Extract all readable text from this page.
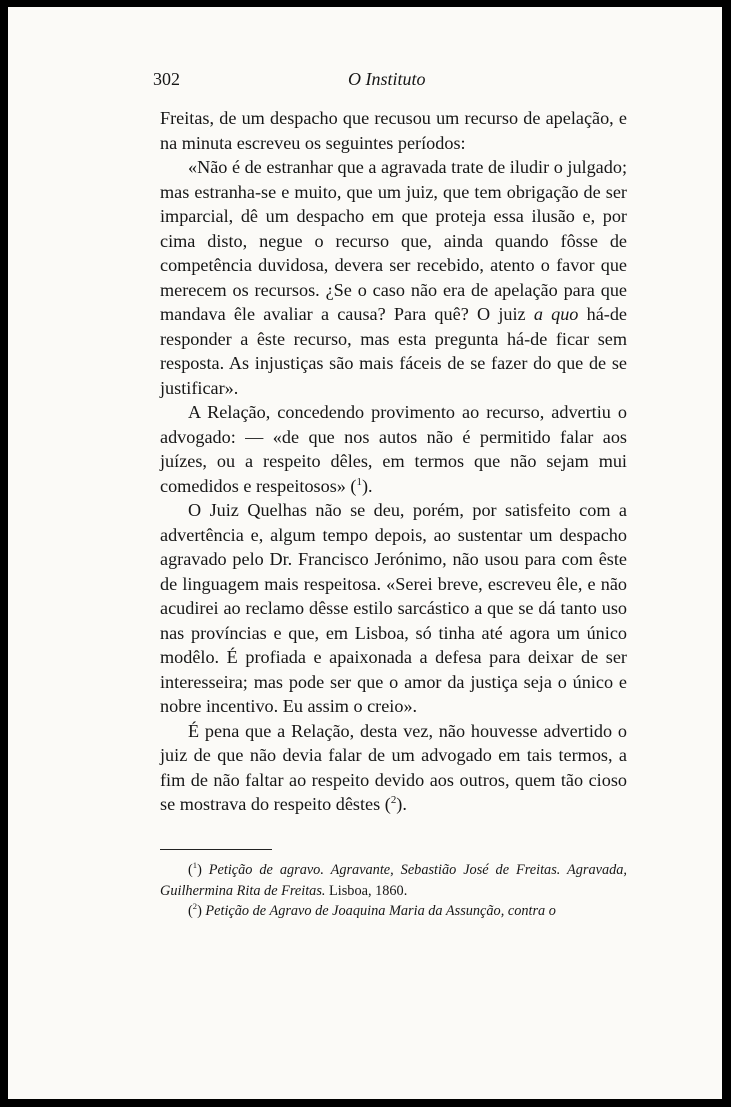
302	O Instituto

Freitas, de um despacho que recusou um recurso de apelação, e na minuta escreveu os seguintes períodos:

«Não é de estranhar que a agravada trate de iludir o julgado; mas estranha-se e muito, que um juiz, que tem obrigação de ser imparcial, dê um despacho em que proteja essa ilusão e, por cima disto, negue o recurso que, ainda quando fôsse de competência duvidosa, devera ser recebido, atento o favor que merecem os recursos. ¿Se o caso não era de apelação para que mandava êle avaliar a causa? Para quê? O juiz a quo há-de responder a êste recurso, mas esta pregunta há-de ficar sem resposta. As injustiças são mais fáceis de se fazer do que de se justificar».

A Relação, concedendo provimento ao recurso, advertiu o advogado: — «de que nos autos não é permitido falar aos juízes, ou a respeito dêles, em termos que não sejam mui comedidos e respeitosos» ($^1$).

O Juiz Quelhas não se deu, porém, por satisfeito com a advertência e, algum tempo depois, ao sustentar um despacho agravado pelo Dr. Francisco Jerónimo, não usou para com êste de linguagem mais respeitosa. «Serei breve, escreveu êle, e não acudirei ao reclamo dêsse estilo sarcástico a que se dá tanto uso nas províncias e que, em Lisboa, só tinha até agora um único modêlo. É profiada e apaixonada a defesa para deixar de ser interesseira; mas pode ser que o amor da justiça seja o único e nobre incentivo. Eu assim o creio».

É pena que a Relação, desta vez, não houvesse advertido o juiz de que não devia falar de um advogado em tais termos, a fim de não faltar ao respeito devido aos outros, quem tão cioso se mostrava do respeito dêstes ($^2$).

($^1$) Petição de agravo. Agravante, Sebastião José de Freitas. Agravada, Guilhermina Rita de Freitas. Lisboa, 1860.

($^2$) Petição de Agravo de Joaquina Maria da Assunção, contra o
